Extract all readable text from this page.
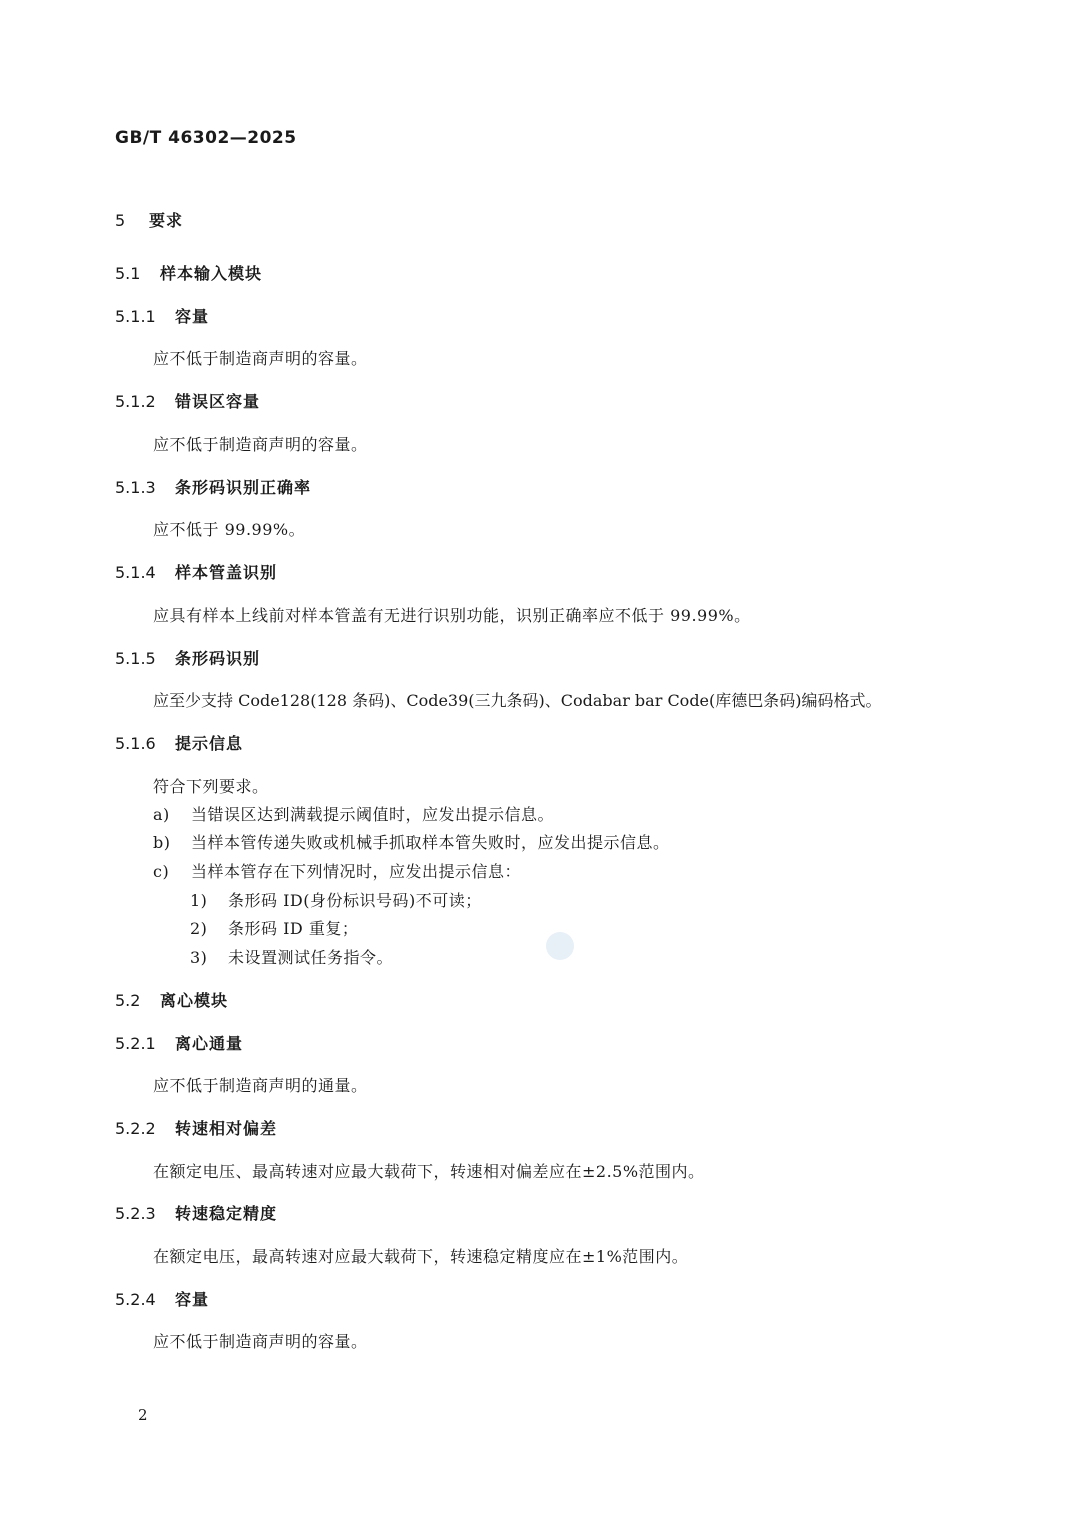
GB/T 46302—2025
5 要求
5.1 样本输入模块
5.1.1 容量
应不低于制造商声明的容量。
5.1.2 错误区容量
应不低于制造商声明的容量。
5.1.3 条形码识别正确率
应不低于 99.99%。
5.1.4 样本管盖识别
应具有样本上线前对样本管盖有无进行识别功能，识别正确率应不低于 99.99%。
5.1.5 条形码识别
应至少支持 Code128(128 条码)、Code39(三九条码)、Codabar bar Code(库德巴条码)编码格式。
5.1.6 提示信息
符合下列要求。
a) 当错误区达到满载提示阈值时，应发出提示信息。
b) 当样本管传递失败或机械手抓取样本管失败时，应发出提示信息。
c) 当样本管存在下列情况时，应发出提示信息：
1) 条形码 ID(身份标识号码)不可读；
2) 条形码 ID 重复；
3) 未设置测试任务指令。
5.2 离心模块
5.2.1 离心通量
应不低于制造商声明的通量。
5.2.2 转速相对偏差
在额定电压、最高转速对应最大载荷下，转速相对偏差应在±2.5%范围内。
5.2.3 转速稳定精度
在额定电压，最高转速对应最大载荷下，转速稳定精度应在±1%范围内。
5.2.4 容量
应不低于制造商声明的容量。
2
